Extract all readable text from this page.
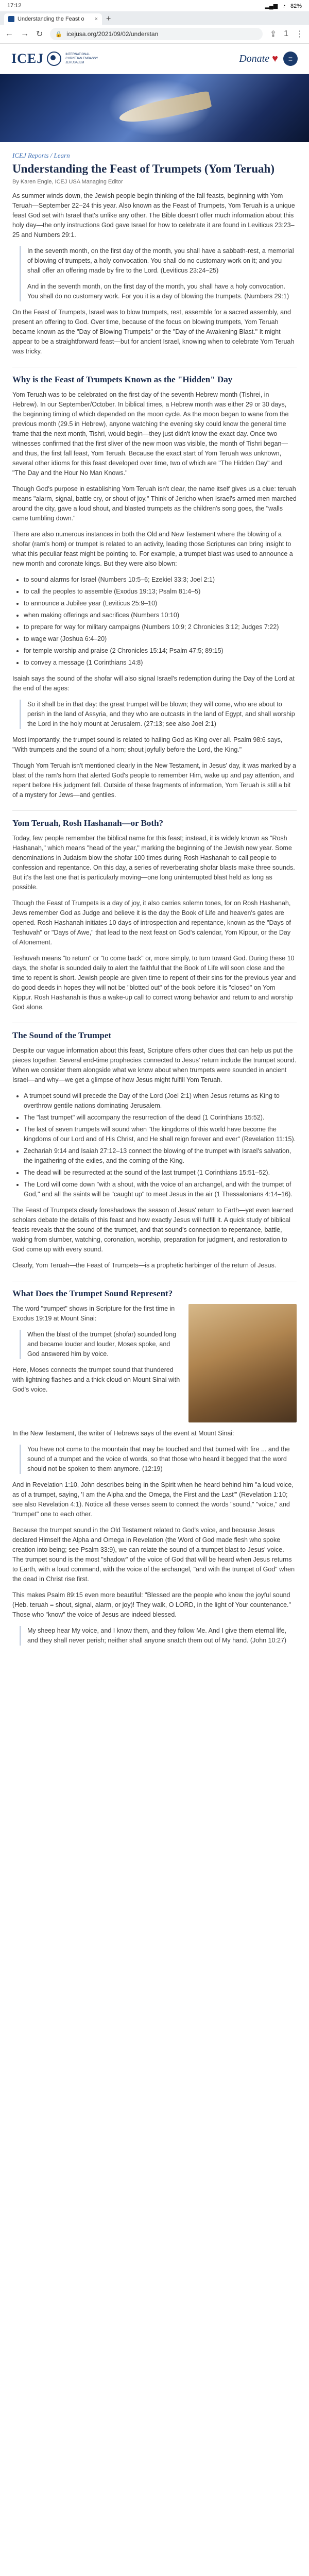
17:12	▂▄▆ ◔ 82%
Understanding the Feast o × +
← → ↻ 🔒 icejusa.org/2021/09/02/understan	⇪ 1 ⋮
ICEJ	INTERNATIONAL CHRISTIAN EMBASSY JERUSALEM	Donate ♥	≡
ICEJ Reports / Learn
Understanding the Feast of Trumpets (Yom Teruah)
By Karen Engle, ICEJ USA Managing Editor

As summer winds down, the Jewish people begin thinking of the fall feasts, beginning with Yom Teruah—September 22–24 this year. Also known as the Feast of Trumpets, Yom Teruah is a unique feast God set with Israel that's unlike any other. The Bible doesn't offer much information about this holy day—the only instructions God gave Israel for how to celebrate it are found in Leviticus 23:23–25 and Numbers 29:1.

In the seventh month, on the first day of the month, you shall have a sabbath-rest, a memorial of blowing of trumpets, a holy convocation. You shall do no customary work on it; and you shall offer an offering made by fire to the Lord. (Leviticus 23:24–25)

And in the seventh month, on the first day of the month, you shall have a holy convocation. You shall do no customary work. For you it is a day of blowing the trumpets. (Numbers 29:1)

On the Feast of Trumpets, Israel was to blow trumpets, rest, assemble for a sacred assembly, and present an offering to God. Over time, because of the focus on blowing trumpets, Yom Teruah became known as the "Day of Blowing Trumpets" or the "Day of the Awakening Blast." It might appear to be a straightforward feast—but for ancient Israel, knowing when to celebrate Yom Teruah was tricky.

Why is the Feast of Trumpets Known as the "Hidden" Day

Yom Teruah was to be celebrated on the first day of the seventh Hebrew month (Tishrei, in Hebrew). In our September/October. In biblical times, a Hebrew month was either 29 or 30 days, the beginning timing of which depended on the moon cycle. As the moon began to wane from the previous month (29.5 in Hebrew), anyone watching the evening sky could know the general time frame that the next month, Tishri, would begin—they just didn't know the exact day. Once two witnesses confirmed that the first sliver of the new moon was visible, the month of Tishri began—and thus, the first fall feast, Yom Teruah. Because the exact start of Yom Teruah was unknown, several other idioms for this feast developed over time, two of which are "The Hidden Day" and "The Day and the Hour No Man Knows."

Though God's purpose in establishing Yom Teruah isn't clear, the name itself gives us a clue: teruah means "alarm, signal, battle cry, or shout of joy." Think of Jericho when Israel's armed men marched around the city, gave a loud shout, and blasted trumpets as the children's song goes, the "walls came tumbling down."

There are also numerous instances in both the Old and New Testament where the blowing of a shofar (ram's horn) or trumpet is related to an activity, leading those Scriptures can bring insight to what this peculiar feast might be pointing to. For example, a trumpet blast was used to announce a new month and coronate kings. But they were also blown:

• to sound alarms for Israel (Numbers 10:5–6; Ezekiel 33:3; Joel 2:1)
• to call the peoples to assemble (Exodus 19:13; Psalm 81:4–5)
• to announce a Jubilee year (Leviticus 25:9–10)
• when making offerings and sacrifices (Numbers 10:10)
• to prepare for way for military campaigns (Numbers 10:9; 2 Chronicles 3:12; Judges 7:22)
• to wage war (Joshua 6:4–20)
• for temple worship and praise (2 Chronicles 15:14; Psalm 47:5; 89:15)
• to convey a message (1 Corinthians 14:8)

Isaiah says the sound of the shofar will also signal Israel's redemption during the Day of the Lord at the end of the ages:

So it shall be in that day: the great trumpet will be blown; they will come, who are about to perish in the land of Assyria, and they who are outcasts in the land of Egypt, and shall worship the Lord in the holy mount at Jerusalem. (27:13; see also Joel 2:1)

Most importantly, the trumpet sound is related to hailing God as King over all. Psalm 98:6 says, "With trumpets and the sound of a horn; shout joyfully before the Lord, the King."

Though Yom Teruah isn't mentioned clearly in the New Testament, in Jesus' day, it was marked by a blast of the ram's horn that alerted God's people to remember Him, wake up and pay attention, and repent before His judgment fell. Outside of these fragments of information, Yom Teruah is still a bit of a mystery for Jews—and gentiles.

Yom Teruah, Rosh Hashanah—or Both?

Today, few people remember the biblical name for this feast; instead, it is widely known as "Rosh Hashanah," which means "head of the year," marking the beginning of the Jewish new year. Some denominations in Judaism blow the shofar 100 times during Rosh Hashanah to call people to confession and repentance. On this day, a series of reverberating shofar blasts make three sounds. But it's the last one that is particularly moving—one long uninterrupted blast held as long as possible.

Though the Feast of Trumpets is a day of joy, it also carries solemn tones, for on Rosh Hashanah, Jews remember God as Judge and believe it is the day the Book of Life and heaven's gates are opened. Rosh Hashanah initiates 10 days of introspection and repentance, known as the "Days of Teshuvah" or "Days of Awe," that lead to the next feast on God's calendar, Yom Kippur, or the Day of Atonement.

Teshuvah means "to return" or "to come back" or, more simply, to turn toward God. During these 10 days, the shofar is sounded daily to alert the faithful that the Book of Life will soon close and the time to repent is short. Jewish people are given time to repent of their sins for the previous year and do good deeds in hopes they will not be "blotted out" of the book before it is "closed" on Yom Kippur. Rosh Hashanah is thus a wake-up call to correct wrong behavior and return to and worship God alone.

The Sound of the Trumpet

Despite our vague information about this feast, Scripture offers other clues that can help us put the pieces together. Several end-time prophecies connected to Jesus' return include the trumpet sound. When we consider them alongside what we know about when trumpets were sounded in ancient Israel—and why—we get a glimpse of how Jesus might fulfill Yom Teruah.

• A trumpet sound will precede the Day of the Lord (Joel 2:1) when Jesus returns as King to overthrow gentile nations dominating Jerusalem.
• The "last trumpet" will accompany the resurrection of the dead (1 Corinthians 15:52).
• The last of seven trumpets will sound when "the kingdoms of this world have become the kingdoms of our Lord and of His Christ, and He shall reign forever and ever" (Revelation 11:15).
• Zechariah 9:14 and Isaiah 27:12–13 connect the blowing of the trumpet with Israel's salvation, the ingathering of the exiles, and the coming of the King.
• The dead will be resurrected at the sound of the last trumpet (1 Corinthians 15:51–52).
• The Lord will come down "with a shout, with the voice of an archangel, and with the trumpet of God," and all the saints will be "caught up" to meet Jesus in the air (1 Thessalonians 4:14–16).

The Feast of Trumpets clearly foreshadows the season of Jesus' return to Earth—yet even learned scholars debate the details of this feast and how exactly Jesus will fulfill it. A quick study of biblical feasts reveals that the sound of the trumpet, and that sound's connection to repentance, battle, waking from slumber, watching, coronation, worship, preparation for judgment, and restoration to God come up with every sound.

Clearly, Yom Teruah—the Feast of Trumpets—is a prophetic harbinger of the return of Jesus.

What Does the Trumpet Sound Represent?

The word "trumpet" shows in Scripture for the first time in Exodus 19:19 at Mount Sinai:

When the blast of the trumpet (shofar) sounded long and became louder and louder, Moses spoke, and God answered him by voice.

Here, Moses connects the trumpet sound that thundered with lightning flashes and a thick cloud on Mount Sinai with God's voice.

In the New Testament, the writer of Hebrews says of the event at Mount Sinai:

You have not come to the mountain that may be touched and that burned with fire ... and the sound of a trumpet and the voice of words, so that those who heard it begged that the word should not be spoken to them anymore. (12:19)

And in Revelation 1:10, John describes being in the Spirit when he heard behind him "a loud voice, as of a trumpet, saying, 'I am the Alpha and the Omega, the First and the Last'" (Revelation 1:10; see also Revelation 4:1). Notice all these verses seem to connect the words "sound," "voice," and "trumpet" one to each other.

Because the trumpet sound in the Old Testament related to God's voice, and because Jesus declared Himself the Alpha and Omega in Revelation (the Word of God made flesh who spoke creation into being; see Psalm 33:9), we can relate the sound of a trumpet blast to Jesus' voice. The trumpet sound is the most "shadow" of the voice of God that will be heard when Jesus returns to Earth, with a loud command, with the voice of the archangel, "and with the trumpet of God" when the dead in Christ rise first.

This makes Psalm 89:15 even more beautiful: "Blessed are the people who know the joyful sound (Heb. teruah = shout, signal, alarm, or joy)! They walk, O LORD, in the light of Your countenance." Those who "know" the voice of Jesus are indeed blessed.

My sheep hear My voice, and I know them, and they follow Me. And I give them eternal life, and they shall never perish; neither shall anyone snatch them out of My hand. (John 10:27)
